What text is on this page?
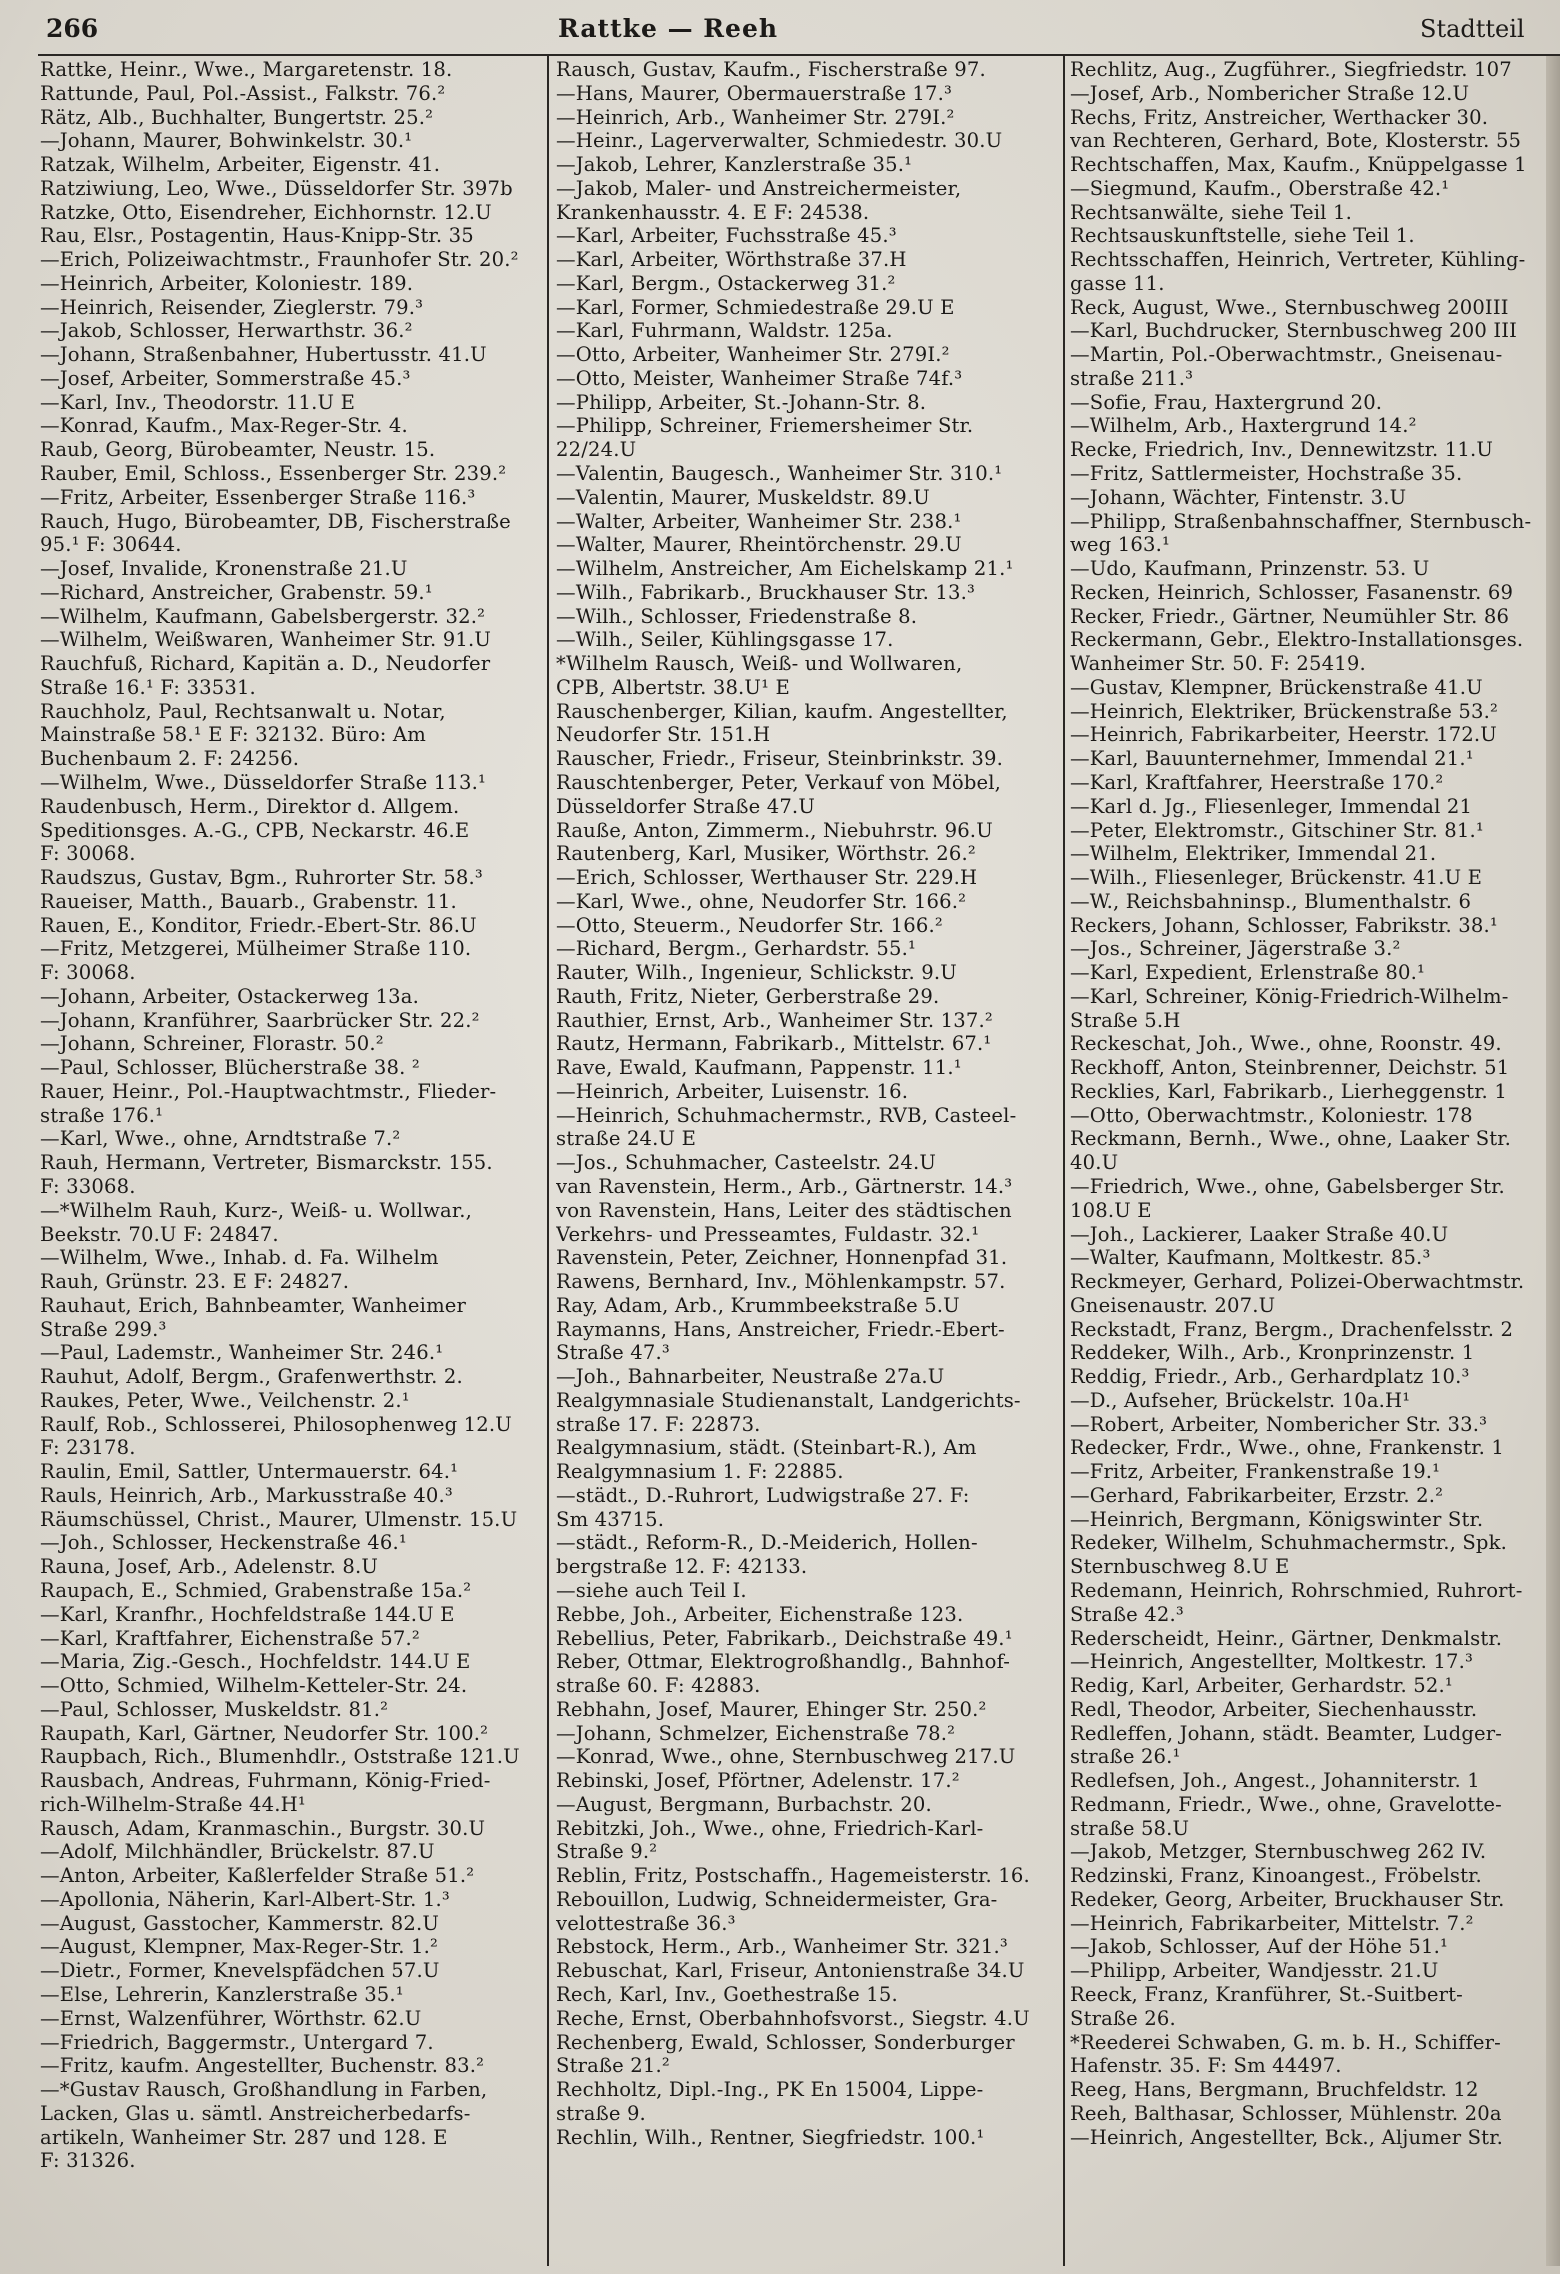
266	Rattke — Reeh	Stadtteil
Rattke, Heinr., Wwe., Margaretenstr. 18.
Rattunde, Paul, Pol.-Assist., Falkstr. 76.²
Rätz, Alb., Buchhalter, Bungertstr. 25.²
—Johann, Maurer, Bohwinkelstr. 30.¹
Ratzak, Wilhelm, Arbeiter, Eigenstr. 41.
Ratziwiung, Leo, Wwe., Düsseldorfer Str. 397b
Ratzke, Otto, Eisendreher, Eichhornstr. 12.U
Rau, Elsr., Postagentin, Haus-Knipp-Str. 35
—Erich, Polizeiwachtmstr., Fraunhofer Str. 20.²
—Heinrich, Arbeiter, Koloniestr. 189.
—Heinrich, Reisender, Zieglerstr. 79.³
—Jakob, Schlosser, Herwarthstr. 36.²
—Johann, Straßenbahner, Hubertusstr. 41.U
—Josef, Arbeiter, Sommerstraße 45.³
—Karl, Inv., Theodorstr. 11.U E
—Konrad, Kaufm., Max-Reger-Str. 4.
Raub, Georg, Bürobeamter, Neustr. 15.
Rauber, Emil, Schloss., Essenberger Str. 239.²
—Fritz, Arbeiter, Essenberger Straße 116.³
Rauch, Hugo, Bürobeamter, DB, Fischerstraße
95.¹ F: 30644.
—Josef, Invalide, Kronenstraße 21.U
—Richard, Anstreicher, Grabenstr. 59.¹
—Wilhelm, Kaufmann, Gabelsbergerstr. 32.²
—Wilhelm, Weißwaren, Wanheimer Str. 91.U
Rauchfuß, Richard, Kapitän a. D., Neudorfer
Straße 16.¹ F: 33531.
Rauchholz, Paul, Rechtsanwalt u. Notar,
Mainstraße 58.¹ E F: 32132. Büro: Am
Buchenbaum 2. F: 24256.
—Wilhelm, Wwe., Düsseldorfer Straße 113.¹
Raudenbusch, Herm., Direktor d. Allgem.
Speditionsges. A.-G., CPB, Neckarstr. 46.E
F: 30068.
Raudszus, Gustav, Bgm., Ruhrorter Str. 58.³
Raueiser, Matth., Bauarb., Grabenstr. 11.
Rauen, E., Konditor, Friedr.-Ebert-Str. 86.U
—Fritz, Metzgerei, Mülheimer Straße 110.
F: 30068.
—Johann, Arbeiter, Ostackerweg 13a.
—Johann, Kranführer, Saarbrücker Str. 22.²
—Johann, Schreiner, Florastr. 50.²
—Paul, Schlosser, Blücherstraße 38. ²
Rauer, Heinr., Pol.-Hauptwachtmstr., Flieder-
straße 176.¹
—Karl, Wwe., ohne, Arndtstraße 7.²
Rauh, Hermann, Vertreter, Bismarckstr. 155.
F: 33068.
—*Wilhelm Rauh, Kurz-, Weiß- u. Wollwar.,
Beekstr. 70.U F: 24847.
—Wilhelm, Wwe., Inhab. d. Fa. Wilhelm
Rauh, Grünstr. 23. E F: 24827.
Rauhaut, Erich, Bahnbeamter, Wanheimer
Straße 299.³
—Paul, Lademstr., Wanheimer Str. 246.¹
Rauhut, Adolf, Bergm., Grafenwerthstr. 2.
Raukes, Peter, Wwe., Veilchenstr. 2.¹
Raulf, Rob., Schlosserei, Philosophenweg 12.U
F: 23178.
Raulin, Emil, Sattler, Untermauerstr. 64.¹
Rauls, Heinrich, Arb., Markusstraße 40.³
Räumschüssel, Christ., Maurer, Ulmenstr. 15.U
—Joh., Schlosser, Heckenstraße 46.¹
Rauna, Josef, Arb., Adelenstr. 8.U
Raupach, E., Schmied, Grabenstraße 15a.²
—Karl, Kranfhr., Hochfeldstraße 144.U E
—Karl, Kraftfahrer, Eichenstraße 57.²
—Maria, Zig.-Gesch., Hochfeldstr. 144.U E
—Otto, Schmied, Wilhelm-Ketteler-Str. 24.
—Paul, Schlosser, Muskeldstr. 81.²
Raupath, Karl, Gärtner, Neudorfer Str. 100.²
Raupbach, Rich., Blumenhdlr., Oststraße 121.U
Rausbach, Andreas, Fuhrmann, König-Fried-
rich-Wilhelm-Straße 44.H¹
Rausch, Adam, Kranmaschin., Burgstr. 30.U
—Adolf, Milchhändler, Brückelstr. 87.U
—Anton, Arbeiter, Kaßlerfelder Straße 51.²
—Apollonia, Näherin, Karl-Albert-Str. 1.³
—August, Gasstocher, Kammerstr. 82.U
—August, Klempner, Max-Reger-Str. 1.²
—Dietr., Former, Knevelspfädchen 57.U
—Else, Lehrerin, Kanzlerstraße 35.¹
—Ernst, Walzenführer, Wörthstr. 62.U
—Friedrich, Baggermstr., Untergard 7.
—Fritz, kaufm. Angestellter, Buchenstr. 83.²
—*Gustav Rausch, Großhandlung in Farben,
Lacken, Glas u. sämtl. Anstreicherbedarfs-
artikeln, Wanheimer Str. 287 und 128. E
F: 31326.
Rausch, Gustav, Kaufm., Fischerstraße 97.
—Hans, Maurer, Obermauerstraße 17.³
—Heinrich, Arb., Wanheimer Str. 279I.²
—Heinr., Lagerverwalter, Schmiedestr. 30.U
—Jakob, Lehrer, Kanzlerstraße 35.¹
—Jakob, Maler- und Anstreichermeister,
Krankenhausstr. 4. E F: 24538.
—Karl, Arbeiter, Fuchsstraße 45.³
—Karl, Arbeiter, Wörthstraße 37.H
—Karl, Bergm., Ostackerweg 31.²
—Karl, Former, Schmiedestraße 29.U E
—Karl, Fuhrmann, Waldstr. 125a.
—Otto, Arbeiter, Wanheimer Str. 279I.²
—Otto, Meister, Wanheimer Straße 74f.³
—Philipp, Arbeiter, St.-Johann-Str. 8.
—Philipp, Schreiner, Friemersheimer Str.
22/24.U
—Valentin, Baugesch., Wanheimer Str. 310.¹
—Valentin, Maurer, Muskeldstr. 89.U
—Walter, Arbeiter, Wanheimer Str. 238.¹
—Walter, Maurer, Rheintörchenstr. 29.U
—Wilhelm, Anstreicher, Am Eichelskamp 21.¹
—Wilh., Fabrikarb., Bruckhauser Str. 13.³
—Wilh., Schlosser, Friedenstraße 8.
—Wilh., Seiler, Kühlingsgasse 17.
*Wilhelm Rausch, Weiß- und Wollwaren,
CPB, Albertstr. 38.U¹ E
Rauschenberger, Kilian, kaufm. Angestellter,
Neudorfer Str. 151.H
Rauscher, Friedr., Friseur, Steinbrinkstr. 39.
Rauschtenberger, Peter, Verkauf von Möbel,
Düsseldorfer Straße 47.U
Rauße, Anton, Zimmerm., Niebuhrstr. 96.U
Rautenberg, Karl, Musiker, Wörthstr. 26.²
—Erich, Schlosser, Werthauser Str. 229.H
—Karl, Wwe., ohne, Neudorfer Str. 166.²
—Otto, Steuerm., Neudorfer Str. 166.²
—Richard, Bergm., Gerhardstr. 55.¹
Rauter, Wilh., Ingenieur, Schlickstr. 9.U
Rauth, Fritz, Nieter, Gerberstraße 29.
Rauthier, Ernst, Arb., Wanheimer Str. 137.²
Rautz, Hermann, Fabrikarb., Mittelstr. 67.¹
Rave, Ewald, Kaufmann, Pappenstr. 11.¹
—Heinrich, Arbeiter, Luisenstr. 16.
—Heinrich, Schuhmachermstr., RVB, Casteel-
straße 24.U E
—Jos., Schuhmacher, Casteelstr. 24.U
van Ravenstein, Herm., Arb., Gärtnerstr. 14.³
von Ravenstein, Hans, Leiter des städtischen
Verkehrs- und Presseamtes, Fuldastr. 32.¹
Ravenstein, Peter, Zeichner, Honnenpfad 31.
Rawens, Bernhard, Inv., Möhlenkampstr. 57.
Ray, Adam, Arb., Krummbeekstraße 5.U
Raymanns, Hans, Anstreicher, Friedr.-Ebert-
Straße 47.³
—Joh., Bahnarbeiter, Neustraße 27a.U
Realgymnasiale Studienanstalt, Landgerichts-
straße 17. F: 22873.
Realgymnasium, städt. (Steinbart-R.), Am
Realgymnasium 1. F: 22885.
—städt., D.-Ruhrort, Ludwigstraße 27. F:
Sm 43715.
—städt., Reform-R., D.-Meiderich, Hollen-
bergstraße 12. F: 42133.
—siehe auch Teil I.
Rebbe, Joh., Arbeiter, Eichenstraße 123.
Rebellius, Peter, Fabrikarb., Deichstraße 49.¹
Reber, Ottmar, Elektrogroßhandlg., Bahnhof-
straße 60. F: 42883.
Rebhahn, Josef, Maurer, Ehinger Str. 250.²
—Johann, Schmelzer, Eichenstraße 78.²
—Konrad, Wwe., ohne, Sternbuschweg 217.U
Rebinski, Josef, Pförtner, Adelenstr. 17.²
—August, Bergmann, Burbachstr. 20.
Rebitzki, Joh., Wwe., ohne, Friedrich-Karl-
Straße 9.²
Reblin, Fritz, Postschaffn., Hagemeisterstr. 16.
Rebouillon, Ludwig, Schneidermeister, Gra-
velottestraße 36.³
Rebstock, Herm., Arb., Wanheimer Str. 321.³
Rebuschat, Karl, Friseur, Antonienstraße 34.U
Rech, Karl, Inv., Goethestraße 15.
Reche, Ernst, Oberbahnhofsvorst., Siegstr. 4.U
Rechenberg, Ewald, Schlosser, Sonderburger
Straße 21.²
Rechholtz, Dipl.-Ing., PK En 15004, Lippe-
straße 9.
Rechlin, Wilh., Rentner, Siegfriedstr. 100.¹
Rechlitz, Aug., Zugführer., Siegfriedstr. 107
—Josef, Arb., Nombericher Straße 12.U
Rechs, Fritz, Anstreicher, Werthacker 30.
van Rechteren, Gerhard, Bote, Klosterstr. 55
Rechtschaffen, Max, Kaufm., Knüppelgasse 1
—Siegmund, Kaufm., Oberstraße 42.¹
Rechtsanwälte, siehe Teil 1.
Rechtsauskunftstelle, siehe Teil 1.
Rechtsschaffen, Heinrich, Vertreter, Kühling-
gasse 11.
Reck, August, Wwe., Sternbuschweg 200III
—Karl, Buchdrucker, Sternbuschweg 200 III
—Martin, Pol.-Oberwachtmstr., Gneisenau-
straße 211.³
—Sofie, Frau, Haxtergrund 20.
—Wilhelm, Arb., Haxtergrund 14.²
Recke, Friedrich, Inv., Dennewitzstr. 11.U
—Fritz, Sattlermeister, Hochstraße 35.
—Johann, Wächter, Fintenstr. 3.U
—Philipp, Straßenbahnschaffner, Sternbusch-
weg 163.¹
—Udo, Kaufmann, Prinzenstr. 53. U
Recken, Heinrich, Schlosser, Fasanenstr. 69
Recker, Friedr., Gärtner, Neumühler Str. 86
Reckermann, Gebr., Elektro-Installationsges.
Wanheimer Str. 50. F: 25419.
—Gustav, Klempner, Brückenstraße 41.U
—Heinrich, Elektriker, Brückenstraße 53.²
—Heinrich, Fabrikarbeiter, Heerstr. 172.U
—Karl, Bauunternehmer, Immendal 21.¹
—Karl, Kraftfahrer, Heerstraße 170.²
—Karl d. Jg., Fliesenleger, Immendal 21
—Peter, Elektromstr., Gitschiner Str. 81.¹
—Wilhelm, Elektriker, Immendal 21.
—Wilh., Fliesenleger, Brückenstr. 41.U E
—W., Reichsbahninsp., Blumenthalstr. 6
Reckers, Johann, Schlosser, Fabrikstr. 38.¹
—Jos., Schreiner, Jägerstraße 3.²
—Karl, Expedient, Erlenstraße 80.¹
—Karl, Schreiner, König-Friedrich-Wilhelm-
Straße 5.H
Reckeschat, Joh., Wwe., ohne, Roonstr. 49.
Reckhoff, Anton, Steinbrenner, Deichstr. 51
Recklies, Karl, Fabrikarb., Lierheggenstr. 1
—Otto, Oberwachtmstr., Koloniestr. 178
Reckmann, Bernh., Wwe., ohne, Laaker Str.
40.U
—Friedrich, Wwe., ohne, Gabelsberger Str.
108.U E
—Joh., Lackierer, Laaker Straße 40.U
—Walter, Kaufmann, Moltkestr. 85.³
Reckmeyer, Gerhard, Polizei-Oberwachtmstr.
Gneisenaustr. 207.U
Reckstadt, Franz, Bergm., Drachenfelsstr. 2
Reddeker, Wilh., Arb., Kronprinzenstr. 1
Reddig, Friedr., Arb., Gerhardplatz 10.³
—D., Aufseher, Brückelstr. 10a.H¹
—Robert, Arbeiter, Nombericher Str. 33.³
Redecker, Frdr., Wwe., ohne, Frankenstr. 1
—Fritz, Arbeiter, Frankenstraße 19.¹
—Gerhard, Fabrikarbeiter, Erzstr. 2.²
—Heinrich, Bergmann, Königswinter Str.
Redeker, Wilhelm, Schuhmachermstr., Spk.
Sternbuschweg 8.U E
Redemann, Heinrich, Rohrschmied, Ruhrort-
Straße 42.³
Rederscheidt, Heinr., Gärtner, Denkmalstr.
—Heinrich, Angestellter, Moltkestr. 17.³
Redig, Karl, Arbeiter, Gerhardstr. 52.¹
Redl, Theodor, Arbeiter, Siechenhausstr.
Redleffen, Johann, städt. Beamter, Ludger-
straße 26.¹
Redlefsen, Joh., Angest., Johanniterstr. 1
Redmann, Friedr., Wwe., ohne, Gravelotte-
straße 58.U
—Jakob, Metzger, Sternbuschweg 262 IV.
Redzinski, Franz, Kinoangest., Fröbelstr.
Redeker, Georg, Arbeiter, Bruckhauser Str.
—Heinrich, Fabrikarbeiter, Mittelstr. 7.²
—Jakob, Schlosser, Auf der Höhe 51.¹
—Philipp, Arbeiter, Wandjesstr. 21.U
Reeck, Franz, Kranführer, St.-Suitbert-
Straße 26.
*Reederei Schwaben, G. m. b. H., Schiffer-
Hafenstr. 35. F: Sm 44497.
Reeg, Hans, Bergmann, Bruchfeldstr. 12
Reeh, Balthasar, Schlosser, Mühlenstr. 20a
—Heinrich, Angestellter, Bck., Aljumer Str.
